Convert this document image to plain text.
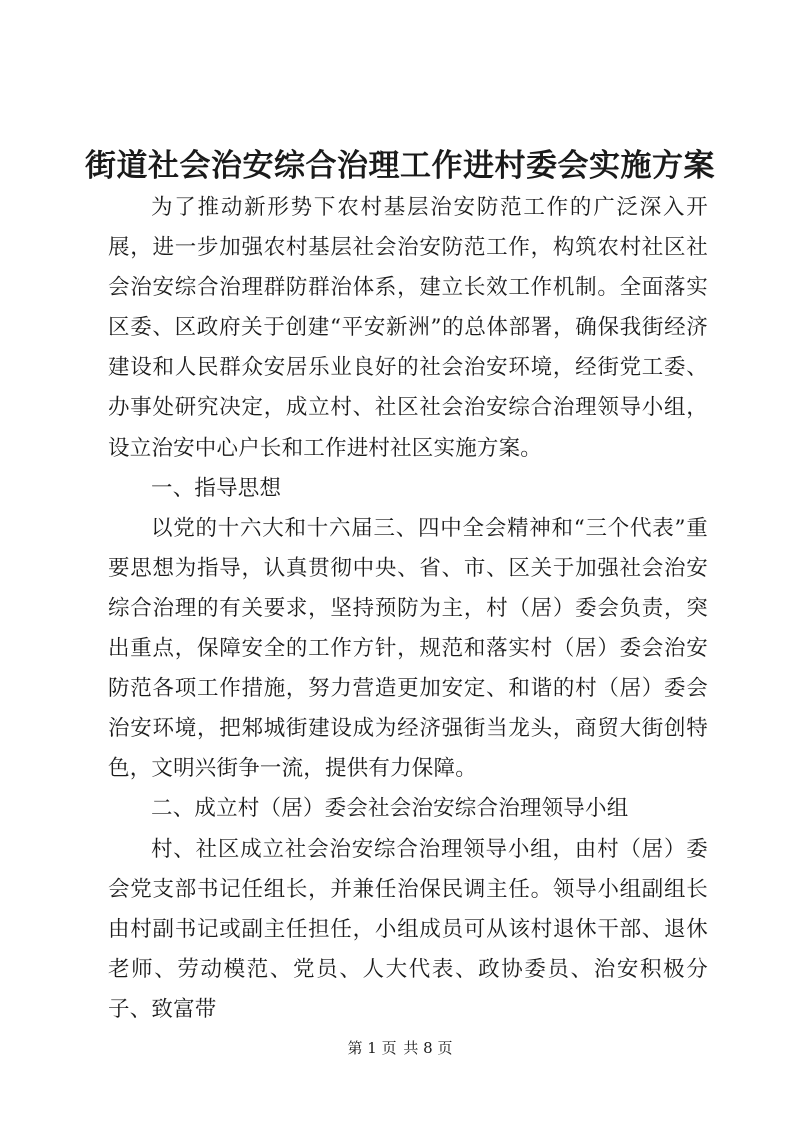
街道社会治安综合治理工作进村委会实施方案

为了推动新形势下农村基层治安防范工作的广泛深入开展，进一步加强农村基层社会治安防范工作，构筑农村社区社会治安综合治理群防群治体系，建立长效工作机制。全面落实区委、区政府关于创建“平安新洲”的总体部署，确保我街经济建设和人民群众安居乐业良好的社会治安环境，经街党工委、办事处研究决定，成立村、社区社会治安综合治理领导小组，设立治安中心户长和工作进村社区实施方案。

一、指导思想

以党的十六大和十六届三、四中全会精神和“三个代表”重要思想为指导，认真贯彻中央、省、市、区关于加强社会治安综合治理的有关要求，坚持预防为主，村（居）委会负责，突出重点，保障安全的工作方针，规范和落实村（居）委会治安防范各项工作措施，努力营造更加安定、和谐的村（居）委会治安环境，把邾城街建设成为经济强街当龙头，商贸大街创特色，文明兴街争一流，提供有力保障。

二、成立村（居）委会社会治安综合治理领导小组

村、社区成立社会治安综合治理领导小组，由村（居）委会党支部书记任组长，并兼任治保民调主任。领导小组副组长由村副书记或副主任担任，小组成员可从该村退休干部、退休老师、劳动模范、党员、人大代表、政协委员、治安积极分子、致富带

第 1 页 共 8 页
